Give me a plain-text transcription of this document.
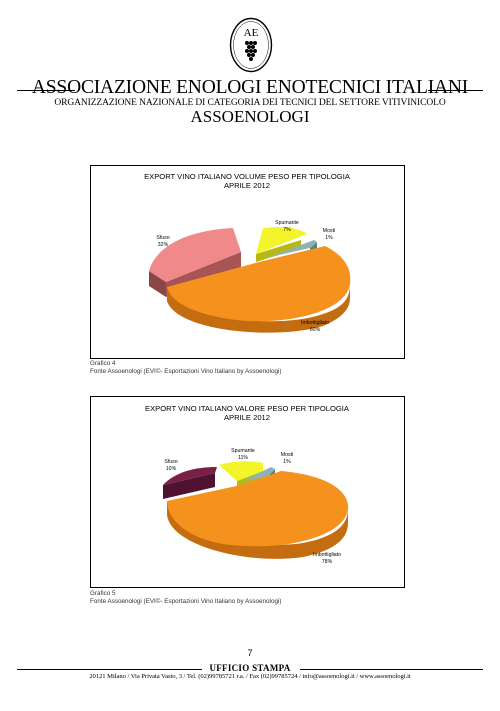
AE
ASSOCIAZIONE ENOLOGI ENOTECNICI ITALIANI
ORGANIZZAZIONE NAZIONALE DI CATEGORIA DEI TECNICI DEL SETTORE VITIVINICOLO
ASSOENOLOGI
EXPORT VINO ITALIANO VOLUME PESO PER TIPOLOGIA
APRILE 2012
Imbottigliato
60%
Sfuso
32%
Spumante
7%	Mosti
1%
Grafico 4
Fonte Assoenologi (EVI©- Esportazioni Vino Italiano by Assoenologi)
EXPORT VINO ITALIANO VALORE PESO PER TIPOLOGIA
APRILE 2012
Imbottigliato
78%
Sfuso
10%
Spumante
11%	Mosti
1%
Grafico 5
Fonte Assoenologi (EVI©- Esportazioni Vino Italiano by Assoenologi)
7
UFFICIO STAMPA
20121 Milano / Via Privata Vasto, 3 / Tel. (02)99785721 r.a. / Fax (02)99785724 / info@assoenologi.it / www.assoenologi.it
